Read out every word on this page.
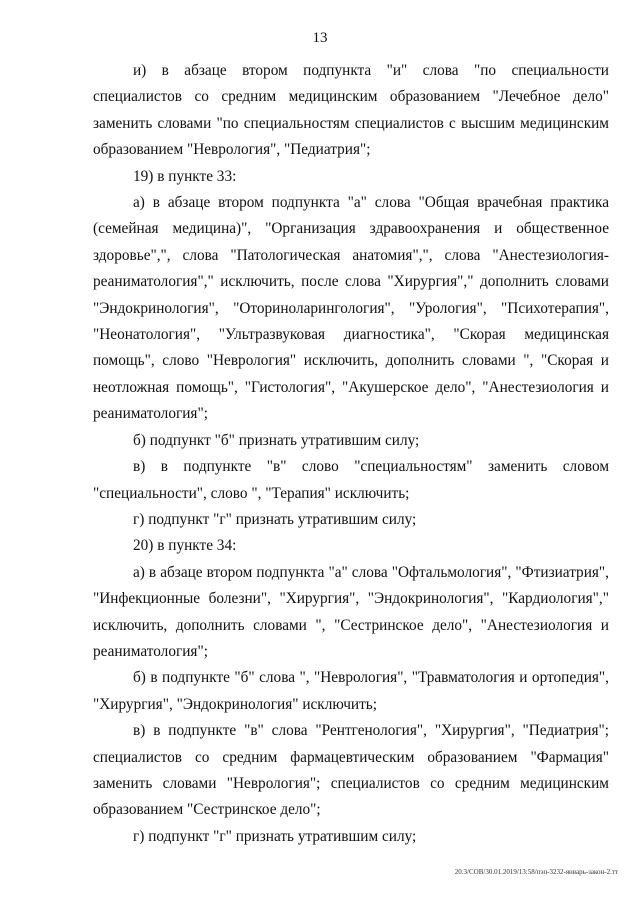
13

и) в абзаце втором подпункта "и" слова "по специальности специалистов со средним медицинским образованием "Лечебное дело" заменить словами "по специальностям специалистов с высшим медицинским образованием "Неврология", "Педиатрия";

19) в пункте 33:

а) в абзаце втором подпункта "а" слова "Общая врачебная практика (семейная медицина)", "Организация здравоохранения и общественное здоровье",", слова "Патологическая анатомия",", слова "Анестезиология-реаниматология"," исключить, после слова "Хирургия"," дополнить словами "Эндокринология", "Оториноларингология", "Урология", "Психотерапия", "Неонатология", "Ультразвуковая диагностика", "Скорая медицинская помощь", слово "Неврология" исключить, дополнить словами ", "Скорая и неотложная помощь", "Гистология", "Акушерское дело", "Анестезиология и реаниматология";

б) подпункт "б" признать утратившим силу;

в) в подпункте "в" слово "специальностям" заменить словом "специальности", слово ", "Терапия" исключить;

г) подпункт "г" признать утратившим силу;

20) в пункте 34:

а) в абзаце втором подпункта "а" слова "Офтальмология", "Фтизиатрия", "Инфекционные болезни", "Хирургия", "Эндокринология", "Кардиология"," исключить, дополнить словами ", "Сестринское дело", "Анестезиология и реаниматология";

б) в подпункте "б" слова ", "Неврология", "Травматология и ортопедия", "Хирургия", "Эндокринология" исключить;

в) в подпункте "в" слова "Рентгенология", "Хирургия", "Педиатрия"; специалистов со средним фармацевтическим образованием "Фармация" заменить словами "Неврология"; специалистов со средним медицинским образованием "Сестринское дело";

г) подпункт "г" признать утратившим силу;

20.3/СОВ/30.01.2019/13:58/пэп-3232-январь-закон-2.тт
